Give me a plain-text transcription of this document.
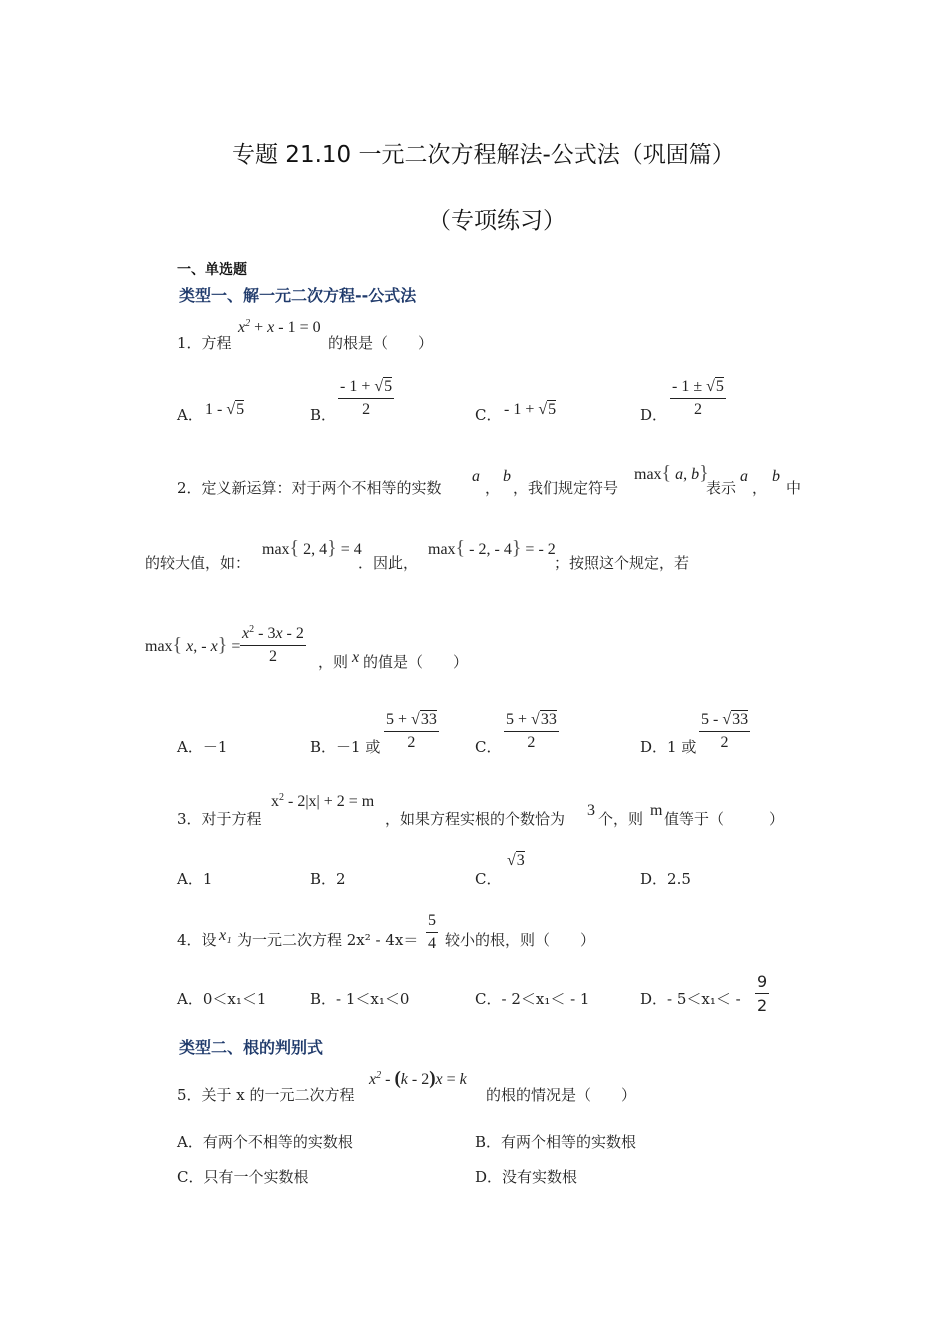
专题 21.10 一元二次方程解法-公式法（巩固篇）
（专项练习）
一、单选题
类型一、解一元二次方程--公式法
1．方程
$x^2 + x - 1 = 0$
的根是（　　）
A． 1 - √5	B． $\frac{- 1 + √5}{2}$	C． - 1 + √5	D． $\frac{- 1 \pm √5}{2}$
2．定义新运算：对于两个不相等的实数
a
，
b
，我们规定符号
max{ a, b}
表示
a
，
b
中
的较大值，如：
max{ 2, 4} = 4
．因此，
max{ - 2, - 4} = - 2
；按照这个规定，若
max{ x, - $x\} = \frac{x^2 - 3x - 2}{2}$ ，则 x 的值是（　　）
A．－1	B．－1 或 $\frac{5 + √33}{2}$ C． $\frac{5 + √33}{2}$	D．1 或 $\frac{5 - √33}{2}$
3．对于方程
$x^2 - 2|x| + 2 = m$
，如果方程实根的个数恰为 3 个，则 m 值等于（　　　）
A．1	B．2	C．
√3
D．2.5
4．设 x₁ 为一元二次方程 $2x^2 - 4x= \frac{5}{4}$ 较小的根，则（　　）
A．0＜x₁＜1	B．- 1＜x₁＜0	C．- 2＜x₁＜ - 1	D．- $5<x_1< - \frac{9}{2}$
类型二、根的判别式
5．关于 x 的一元二次方程
$x^2 - (k - 2)x = k$
的根的情况是（　　）
A．有两个不相等的实数根	B．有两个相等的实数根
C．只有一个实数根	D．没有实数根
